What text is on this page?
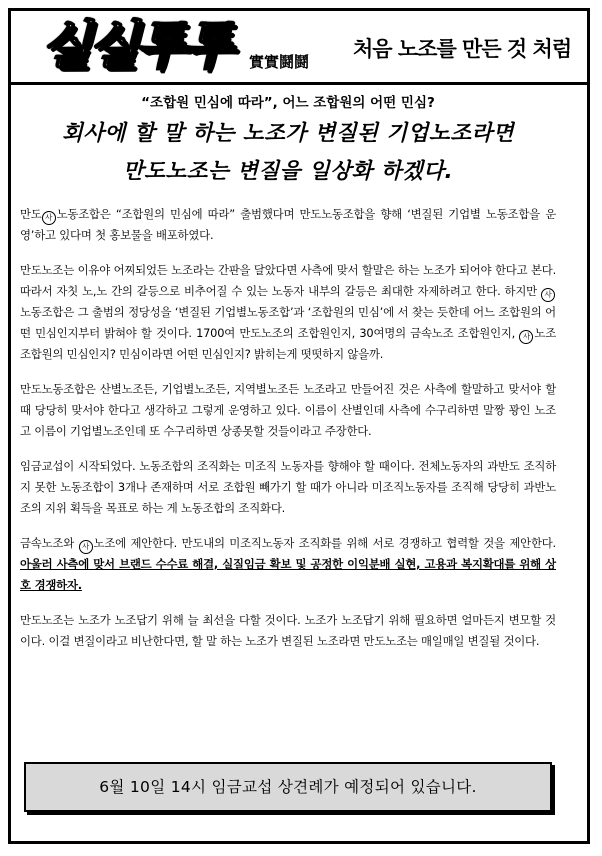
실실투투 實實鬪鬪
처음 노조를 만든 것 처럼

“조합원 민심에 따라”, 어느 조합원의 어떤 민심?

회사에 할 말 하는 노조가 변질된 기업노조라면

만도노조는 변질을 일상화 하겠다.

만도 사 노동조합은 “조합원의 민심에 따라” 출범했다며 만도노동조합을 향해 ‘변질된 기업별 노동조합을 운영’하고 있다며 첫 홍보물을 배포하였다.

만도노조는 이유야 어찌되었든 노조라는 간판을 달았다면 사측에 맞서 할말은 하는 노조가 되어야 한다고 본다. 따라서 자칫 노,노 간의 갈등으로 비추어질 수 있는 노동자 내부의 갈등은 최대한 자제하려고 한다. 하지만 사노동조합은 그 출범의 정당성을 ‘변질된 기업별노동조합’과 ‘조합원의 민심’에 서 찾는 듯한데 어느 조합원의 어떤 민심인지부터 밝혀야 할 것이다. 1700여 만도노조의 조합원인지, 30여명의 금속노조 조합원인지, 사 노조 조합원의 민심인지? 민심이라면 어떤 민심인지? 밝히는게 떳떳하지 않을까.

만도노동조합은 산별노조든, 기업별노조든, 지역별노조든 노조라고 만들어진 것은 사측에 할말하고 맞서야 할 때 당당히 맞서야 한다고 생각하고 그렇게 운영하고 있다. 이름이 산별인데 사측에 수구리하면 말짱 꽝인 노조고 이름이 기업별노조인데 또 수구리하면 상종못할 것들이라고 주장한다.

임금교섭이 시작되었다. 노동조합의 조직화는 미조직 노동자를 향해야 할 때이다. 전체노동자의 과반도 조직하지 못한 노동조합이 3개나 존재하며 서로 조합원 빼가기 할 때가 아니라 미조직노동자를 조직해 당당히 과반노조의 지위 획득을 목표로 하는 게 노동조합의 조직화다.

금속노조와 사 노조에 제안한다. 만도내의 미조직노동자 조직화를 위해 서로 경쟁하고 협력할 것을 제안한다. 아울러 사측에 맞서 브랜드 수수료 해결, 실질임금 확보 및 공정한 이익분배 실현, 고용과 복지확대를 위해 상호 경쟁하자.

만도노조는 노조가 노조답기 위해 늘 최선을 다할 것이다. 노조가 노조답기 위해 필요하면 얼마든지 변모할 것이다. 이걸 변질이라고 비난한다면, 할 말 하는 노조가 변질된 노조라면 만도노조는 매일매일 변질될 것이다.

6월 10일 14시 임금교섭 상견례가 예정되어 있습니다.
